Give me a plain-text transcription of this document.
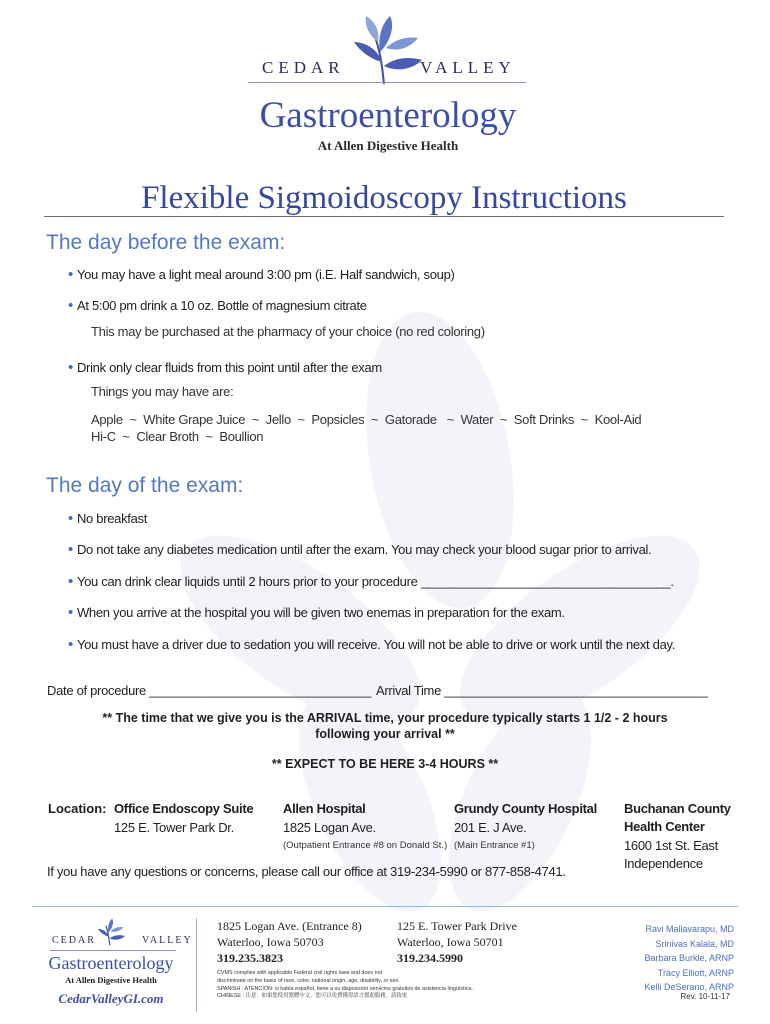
CEDAR	VALLEY
Gastroenterology
At Allen Digestive Health
Flexible Sigmoidoscopy Instructions
The day before the exam:
• You may have a light meal around 3:00 pm (i.E. Half sandwich, soup)
• At 5:00 pm drink a 10 oz. Bottle of magnesium citrate
This may be purchased at the pharmacy of your choice (no red coloring)
• Drink only clear fluids from this point until after the exam
Things you may have are:
Apple  ~  White Grape Juice  ~  Jello  ~  Popsicles  ~  Gatorade   ~  Water  ~  Soft Drinks  ~  Kool-Aid
Hi-C  ~  Clear Broth  ~  Boullion
The day of the exam:
• No breakfast
• Do not take any diabetes medication until after the exam. You may check your blood sugar prior to arrival.
• You can drink clear liquids until 2 hours prior to your procedure ____________________________________.
• When you arrive at the hospital you will be given two enemas in preparation for the exam.
• You must have a driver due to sedation you will receive. You will not be able to drive or work until the next day.
Date of procedure ________________________________ Arrival Time ______________________________________
** The time that we give you is the ARRIVAL time, your procedure typically starts 1 1/2 - 2 hours
following your arrival **
** EXPECT TO BE HERE 3-4 HOURS **
Location: Office Endoscopy Suite
125 E. Tower Park Dr.
Allen Hospital
1825 Logan Ave.
(Outpatient Entrance #8 on Donald St.)
Grundy County Hospital
201 E. J Ave.
(Main Entrance #1)
Buchanan County
Health Center
1600 1st St. East
Independence
If you have any questions or concerns, please call our office at 319-234-5990 or 877-858-4741.
CEDAR	VALLEY
Gastroenterology
At Allen Digestive Health
CedarValleyGI.com
1825 Logan Ave. (Entrance 8)
Waterloo, Iowa 50703
319.235.3823
125 E. Tower Park Drive
Waterloo, Iowa 50701
319.234.5990
CVMS complies with applicable Federal civil rights laws and does not
discriminate on the basis of race, color, national origin, age, disability, or sex.
SPANISH : ATENCIÓN: si habla español, tiene a su disposición servicios gratuitos de asistencia lingüística.
CHINESE : 注意：如果您使用繁體中文，您可以免費獲得語言援助服務。請致電
Ravi Mallavarapu, MD
Srinivas Kalala, MD
Barbara Burkle, ARNP
Tracy Elliott, ARNP
Kelli DeSerano, ARNP
Rev. 10-11-17
